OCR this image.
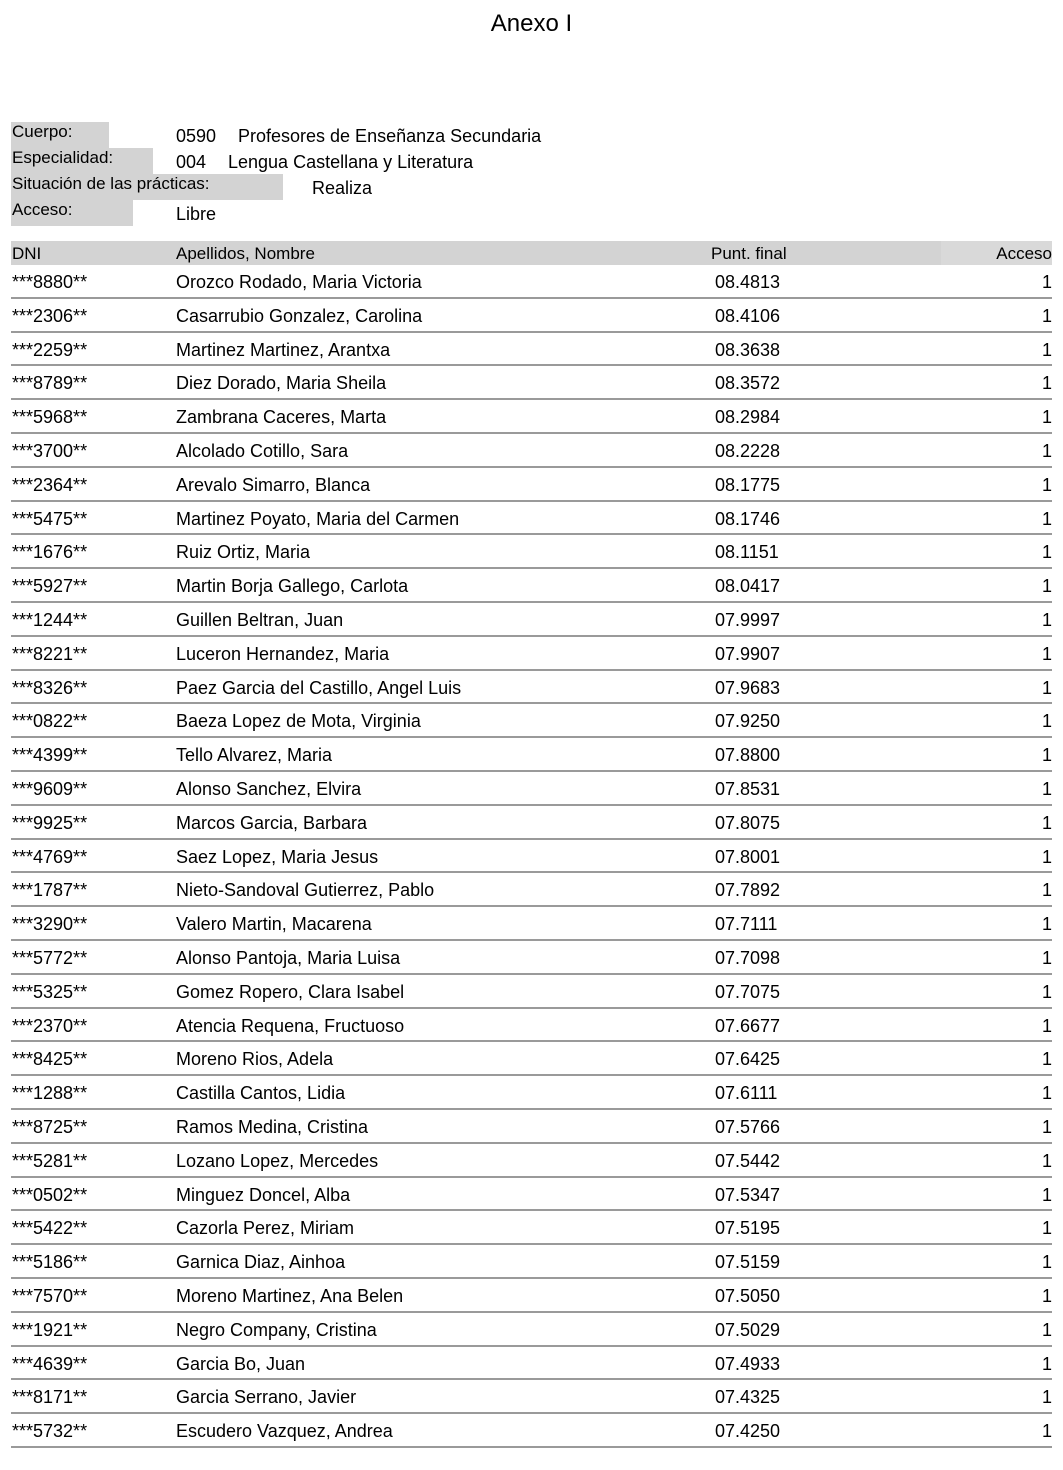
Anexo I
Cuerpo:	0590 Profesores de Enseñanza Secundaria
Especialidad:	004 Lengua Castellana y Literatura
Situación de las prácticas:	Realiza
Acceso:	Libre
DNI	Apellidos, Nombre	Punt. final	Acceso
***8880**	Orozco Rodado, Maria Victoria	08.4813	1
***2306**	Casarrubio Gonzalez, Carolina	08.4106	1
***2259**	Martinez Martinez, Arantxa	08.3638	1
***8789**	Diez Dorado, Maria Sheila	08.3572	1
***5968**	Zambrana Caceres, Marta	08.2984	1
***3700**	Alcolado Cotillo, Sara	08.2228	1
***2364**	Arevalo Simarro, Blanca	08.1775	1
***5475**	Martinez Poyato, Maria del Carmen	08.1746	1
***1676**	Ruiz Ortiz, Maria	08.1151	1
***5927**	Martin Borja Gallego, Carlota	08.0417	1
***1244**	Guillen Beltran, Juan	07.9997	1
***8221**	Luceron Hernandez, Maria	07.9907	1
***8326**	Paez Garcia del Castillo, Angel Luis	07.9683	1
***0822**	Baeza Lopez de Mota, Virginia	07.9250	1
***4399**	Tello Alvarez, Maria	07.8800	1
***9609**	Alonso Sanchez, Elvira	07.8531	1
***9925**	Marcos Garcia, Barbara	07.8075	1
***4769**	Saez Lopez, Maria Jesus	07.8001	1
***1787**	Nieto-Sandoval Gutierrez, Pablo	07.7892	1
***3290**	Valero Martin, Macarena	07.7111	1
***5772**	Alonso Pantoja, Maria Luisa	07.7098	1
***5325**	Gomez Ropero, Clara Isabel	07.7075	1
***2370**	Atencia Requena, Fructuoso	07.6677	1
***8425**	Moreno Rios, Adela	07.6425	1
***1288**	Castilla Cantos, Lidia	07.6111	1
***8725**	Ramos Medina, Cristina	07.5766	1
***5281**	Lozano Lopez, Mercedes	07.5442	1
***0502**	Minguez Doncel, Alba	07.5347	1
***5422**	Cazorla Perez, Miriam	07.5195	1
***5186**	Garnica Diaz, Ainhoa	07.5159	1
***7570**	Moreno Martinez, Ana Belen	07.5050	1
***1921**	Negro Company, Cristina	07.5029	1
***4639**	Garcia Bo, Juan	07.4933	1
***8171**	Garcia Serrano, Javier	07.4325	1
***5732**	Escudero Vazquez, Andrea	07.4250	1
